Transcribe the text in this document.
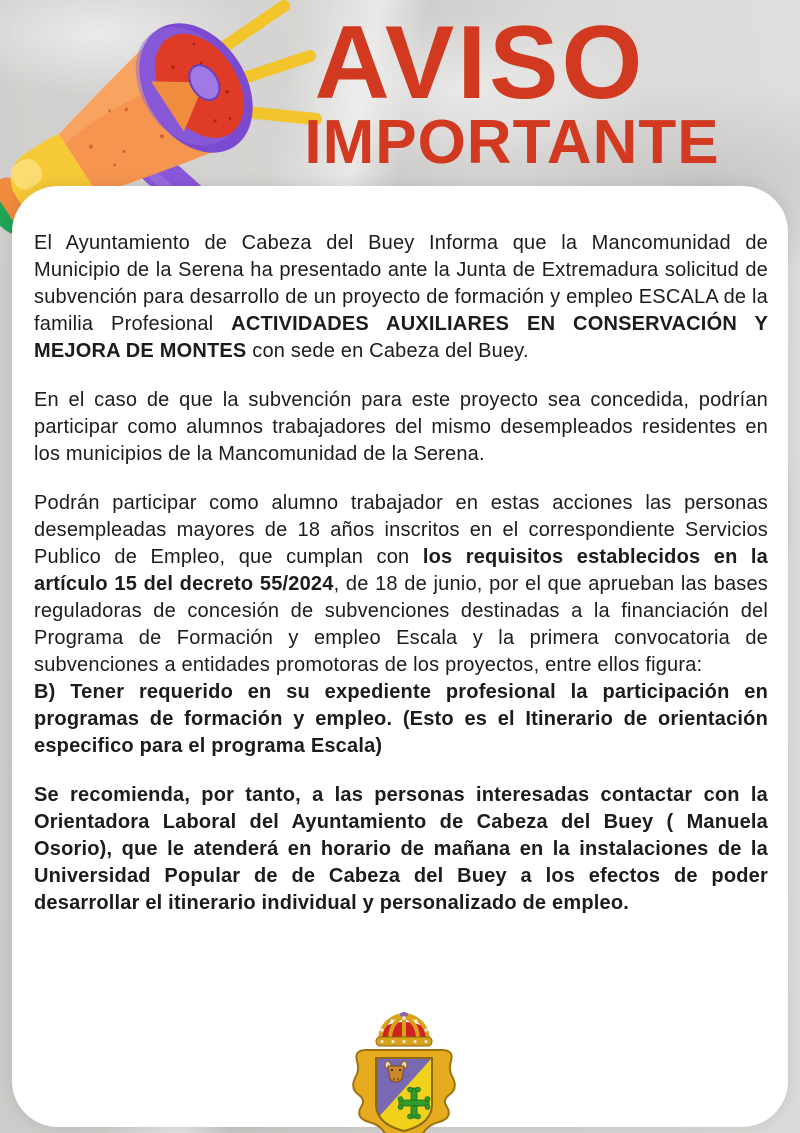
AVISO
IMPORTANTE

El Ayuntamiento de Cabeza del Buey Informa que la Mancomunidad de Municipio de la Serena ha presentado ante la Junta de Extremadura solicitud de subvención para desarrollo de un proyecto de formación y empleo ESCALA de la familia Profesional ACTIVIDADES AUXILIARES EN CONSERVACIÓN Y MEJORA DE MONTES con sede en Cabeza del Buey.

En el caso de que la subvención para este proyecto sea concedida, podrían participar como alumnos trabajadores del mismo desempleados residentes en los municipios de la Mancomunidad de la Serena.

Podrán participar como alumno trabajador en estas acciones las personas desempleadas mayores de 18 años inscritos en el correspondiente Servicios Publico de Empleo, que cumplan con los requisitos establecidos en la artículo 15 del decreto 55/2024, de 18 de junio, por el que aprueban las bases reguladoras de concesión de subvenciones destinadas a la financiación del Programa de Formación y empleo Escala y la primera convocatoria de subvenciones a entidades promotoras de los proyectos, entre ellos figura:

B) Tener requerido en su expediente profesional la participación en programas de formación y empleo. (Esto es el Itinerario de orientación especifico para el programa Escala)

Se recomienda, por tanto, a las personas interesadas contactar con la Orientadora Laboral del Ayuntamiento de Cabeza del Buey ( Manuela Osorio), que le atenderá en horario de mañana en la instalaciones de la Universidad Popular de de Cabeza del Buey a los efectos de poder desarrollar el itinerario individual y personalizado de empleo.
